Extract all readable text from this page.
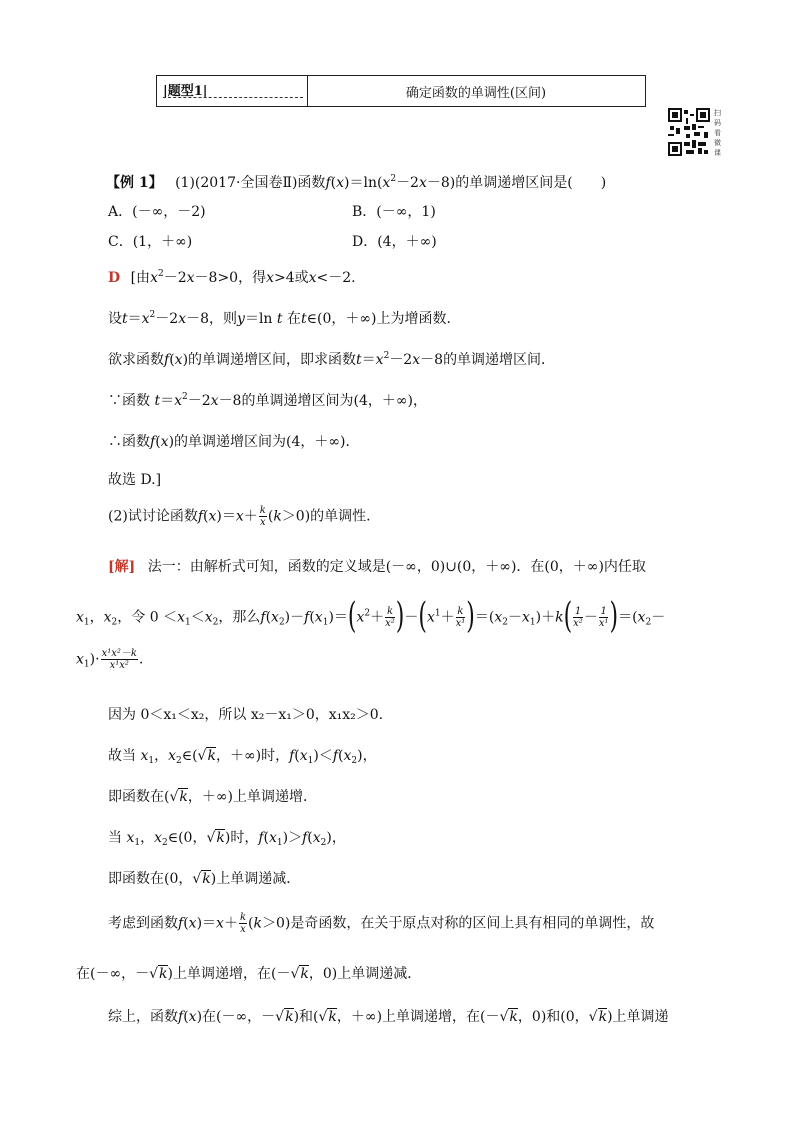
|题型1|	确定函数的单调性(区间)
扫码看微课
【例 1】 (1)(2017·全国卷Ⅱ)函数$f(x)=\ln(x^2-2x-8)$的单调递增区间是(　　)
A．(－∞，－2)	B．(－∞，1)
C．(1，＋∞)	D．(4，＋∞)
D [由$x^2-2x-8>0$，得x>4或x<－2.
设$t=x^2-2x-8$，则y＝ln t 在t∈(0，＋∞)上为增函数．
欲求函数f(x)的单调递增区间，即求函数$t=x^2-2x-8$的单调递增区间．
∵函数 $t=x^2-2x-8$的单调递增区间为(4，＋∞)，
∴函数f(x)的单调递增区间为(4，＋∞)．
故选 D.]
(2)试讨论函数$f(x)=x+ \frac{k}{x} (k>0)$的单调性.
[解] 法一：由解析式可知，函数的定义域是(－∞，0)∪(0，＋∞)．在(0，＋∞)内任取
$x_1$，$x_2$，令 $0 <x_1<x_2$，那么$f(x_2)-f(x_1)=(x^2+ \frac{k}{\text{x²}} )-(x^1+ \frac{k}{\text{x¹}} )=(x_2-x_1)+k( \frac{1}{\text{x²}} - \frac{1}{\text{x¹}} )=(x_2-$
$x_1)\cdot \frac{\text{x¹x²－k}}{\text{x¹x²}}$ .
因为 0＜x₁＜x₂，所以 x₂－x₁＞0，x₁x₂＞0.
故当 $x_1$，$x_2\in(√k$，＋∞)时，$f(x_1)<f(x_2)$，
即函数在(√k，＋∞)上单调递增．
当 $x_1$，$x_2\in(0$，√k)时，$f(x_1)>f(x_2)$，
即函数在(0，√k)上单调递减．
考虑到函数$f(x)=x+ \frac{k}{x} (k>0)$是奇函数，在关于原点对称的区间上具有相同的单调性，故
在(－∞，－√k)上单调递增，在(－√k，0)上单调递减．
综上，函数f(x)在(－∞，－√k)和(√k，＋∞)上单调递增，在(－√k，0)和(0，√k)上单调递
